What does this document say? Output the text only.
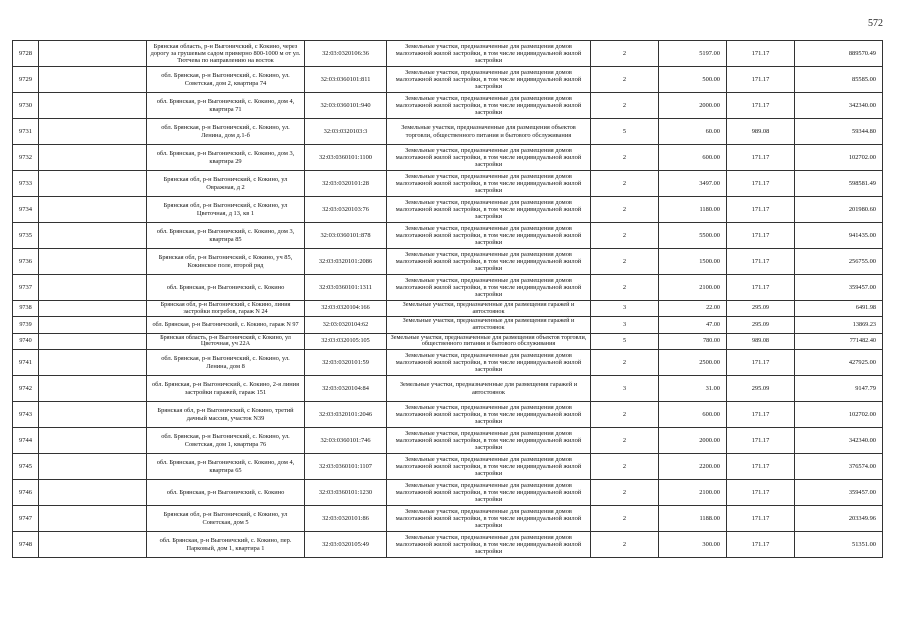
572
9728		Брянская область, р-н Выгоничский, с Кокино, через дорогу за грушевым садом примерно 800-1000 м от ул. Тютчева по направлению на восток	32:03:0320106:36	Земельные участки, предназначенные для размещения домов малоэтажной жилой застройки, в том числе индивидуальной жилой застройки	2	5197.00	171.17	889570.49
9729		обл. Брянская, р-н Выгоничский, с. Кокино, ул. Советская, дом 2, квартира 74	32:03:0360101:811	Земельные участки, предназначенные для размещения домов малоэтажной жилой застройки, в том числе индивидуальной жилой застройки	2	500.00	171.17	85585.00
9730		обл. Брянская, р-н Выгоничский, с. Кокино, дом 4, квартира 71	32:03:0360101:940	Земельные участки, предназначенные для размещения домов малоэтажной жилой застройки, в том числе индивидуальной жилой застройки	2	2000.00	171.17	342340.00
9731		обл. Брянская, р-н Выгоничский, с. Кокино, ул. Ленина, дом д.1-б	32:03:0320103:3	Земельные участки, предназначенные для размещения объектов торговли, общественного питания и бытового обслуживания	5	60.00	989.08	59344.80
9732		обл. Брянская, р-н Выгоничский, с. Кокино, дом 3, квартира 29	32:03:0360101:1100	Земельные участки, предназначенные для размещения домов малоэтажной жилой застройки, в том числе индивидуальной жилой застройки	2	600.00	171.17	102702.00
9733		Брянская обл, р-н Выгоничский, с Кокино, ул Овражная, д 2	32:03:0320101:28	Земельные участки, предназначенные для размещения домов малоэтажной жилой застройки, в том числе индивидуальной жилой застройки	2	3497.00	171.17	598581.49
9734		Брянская обл, р-н Выгоничский, с Кокино, ул Цветочная, д 13, кв 1	32:03:0320103:76	Земельные участки, предназначенные для размещения домов малоэтажной жилой застройки, в том числе индивидуальной жилой застройки	2	1180.00	171.17	201980.60
9735		обл. Брянская, р-н Выгоничский, с. Кокино, дом 3, квартира 85	32:03:0360101:878	Земельные участки, предназначенные для размещения домов малоэтажной жилой застройки, в том числе индивидуальной жилой застройки	2	5500.00	171.17	941435.00
9736		Брянская обл, р-н Выгоничский, с Кокино, уч 85, Кокинское поле, второй ряд	32:03:0320101:2086	Земельные участки, предназначенные для размещения домов малоэтажной жилой застройки, в том числе индивидуальной жилой застройки	2	1500.00	171.17	256755.00
9737		обл. Брянская, р-н Выгоничский, с. Кокино	32:03:0360101:1311	Земельные участки, предназначенные для размещения домов малоэтажной жилой застройки, в том числе индивидуальной жилой застройки	2	2100.00	171.17	359457.00
9738		Брянская обл, р-н Выгоничский, с Кокино, линия застройки погребов, гараж N 24	32:03:0320104:166	Земельные участки, предназначенные для размещения гаражей и автостоянок	3	22.00	295.09	6491.98
9739		обл. Брянская, р-н Выгоничский, с. Кокино, гараж N 97	32:03:0320104:62	Земельные участки, предназначенные для размещения гаражей и автостоянок	3	47.00	295.09	13869.23
9740		Брянская область, р-н Выгоничский, с Кокино, ул Цветочная, уч 22А	32:03:0320105:105	Земельные участки, предназначенные для размещения объектов торговли, общественного питания и бытового обслуживания	5	780.00	989.08	771482.40
9741		обл. Брянская, р-н Выгоничский, с. Кокино, ул. Ленина, дом 8	32:03:0320101:59	Земельные участки, предназначенные для размещения домов малоэтажной жилой застройки, в том числе индивидуальной жилой застройки	2	2500.00	171.17	427925.00
9742		обл. Брянская, р-н Выгоничский, с. Кокино, 2-я линия застройки гаражей, гараж 151	32:03:0320104:84	Земельные участки, предназначенные для размещения гаражей и автостоянок	3	31.00	295.09	9147.79
9743		Брянская обл, р-н Выгоничский, с Кокино, третий дачный массив, участок N39	32:03:0320101:2046	Земельные участки, предназначенные для размещения домов малоэтажной жилой застройки, в том числе индивидуальной жилой застройки	2	600.00	171.17	102702.00
9744		обл. Брянская, р-н Выгоничский, с. Кокино, ул. Советская, дом 1, квартира 76	32:03:0360101:746	Земельные участки, предназначенные для размещения домов малоэтажной жилой застройки, в том числе индивидуальной жилой застройки	2	2000.00	171.17	342340.00
9745		обл. Брянская, р-н Выгоничский, с. Кокино, дом 4, квартира 65	32:03:0360101:1107	Земельные участки, предназначенные для размещения домов малоэтажной жилой застройки, в том числе индивидуальной жилой застройки	2	2200.00	171.17	376574.00
9746		обл. Брянская, р-н Выгоничский, с. Кокино	32:03:0360101:1230	Земельные участки, предназначенные для размещения домов малоэтажной жилой застройки, в том числе индивидуальной жилой застройки	2	2100.00	171.17	359457.00
9747		Брянская обл, р-н Выгоничский, с Кокино, ул Советская, дом 5	32:03:0320101:86	Земельные участки, предназначенные для размещения домов малоэтажной жилой застройки, в том числе индивидуальной жилой застройки	2	1188.00	171.17	203349.96
9748		обл. Брянская, р-н Выгоничский, с. Кокино, пер. Парковый, дом 1, квартира 1	32:03:0320105:49	Земельные участки, предназначенные для размещения домов малоэтажной жилой застройки, в том числе индивидуальной жилой застройки	2	300.00	171.17	51351.00
